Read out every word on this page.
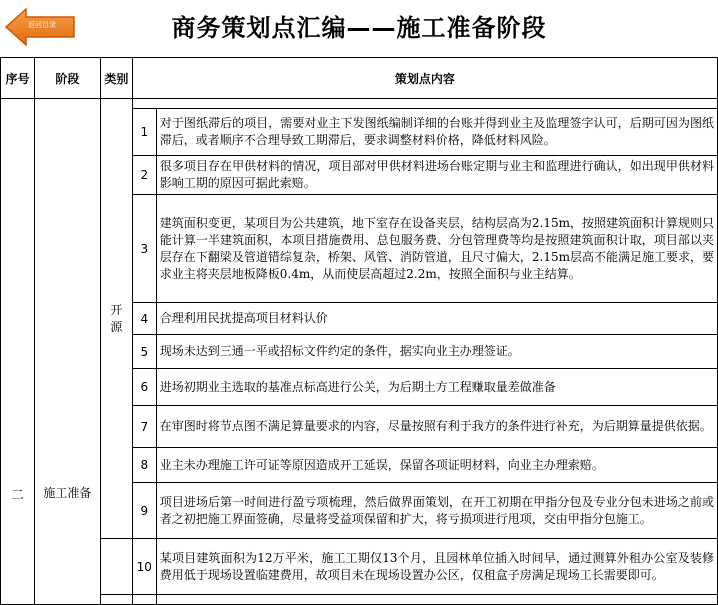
返回目录	商务策划点汇编——施工准备阶段
序号	阶段	类别	策划点内容	
二	施工准备	开
源		
			1	对于图纸滞后的项目，需要对业主下发图纸编制详细的台账并得到业主及监理签字认可，后期可因为图纸滞后，或者顺序不合理导致工期滞后，要求调整材料价格，降低材料风险。
			2	很多项目存在甲供材料的情况，项目部对甲供材料进场台账定期与业主和监理进行确认，如出现甲供材料影响工期的原因可据此索赔。
			3	建筑面积变更，某项目为公共建筑，地下室存在设备夹层，结构层高为2.15m，按照建筑面积计算规则只能计算一半建筑面积，本项目措施费用、总包服务费、分包管理费等均是按照建筑面积计取，项目部以夹层存在下翻梁及管道错综复杂，桥架、风管、消防管道，且尺寸偏大，2.15m层高不能满足施工要求，要求业主将夹层地板降板0.4m，从而使层高超过2.2m，按照全面积与业主结算。
			4	合理利用民扰提高项目材料认价
			5	现场未达到三通一平或招标文件约定的条件，据实向业主办理签证。
			6	进场初期业主选取的基准点标高进行公关，为后期土方工程赚取量差做准备
			7	在审图时将节点图不满足算量要求的内容，尽量按照有利于我方的条件进行补充，为后期算量提供依据。
			8	业主未办理施工许可证等原因造成开工延误，保留各项证明材料，向业主办理索赔。
			9	项目进场后第一时间进行盈亏项梳理，然后做界面策划，在开工初期在甲指分包及专业分包未进场之前或者之初把施工界面签确，尽量将受益项保留和扩大，将亏损项进行甩项，交由甲指分包施工。
			10	某项目建筑面积为12万平米，施工工期仅13个月，且园林单位插入时间早，通过测算外租办公室及装修费用低于现场设置临建费用，故项目未在现场设置办公区，仅租盒子房满足现场工长需要即可。
